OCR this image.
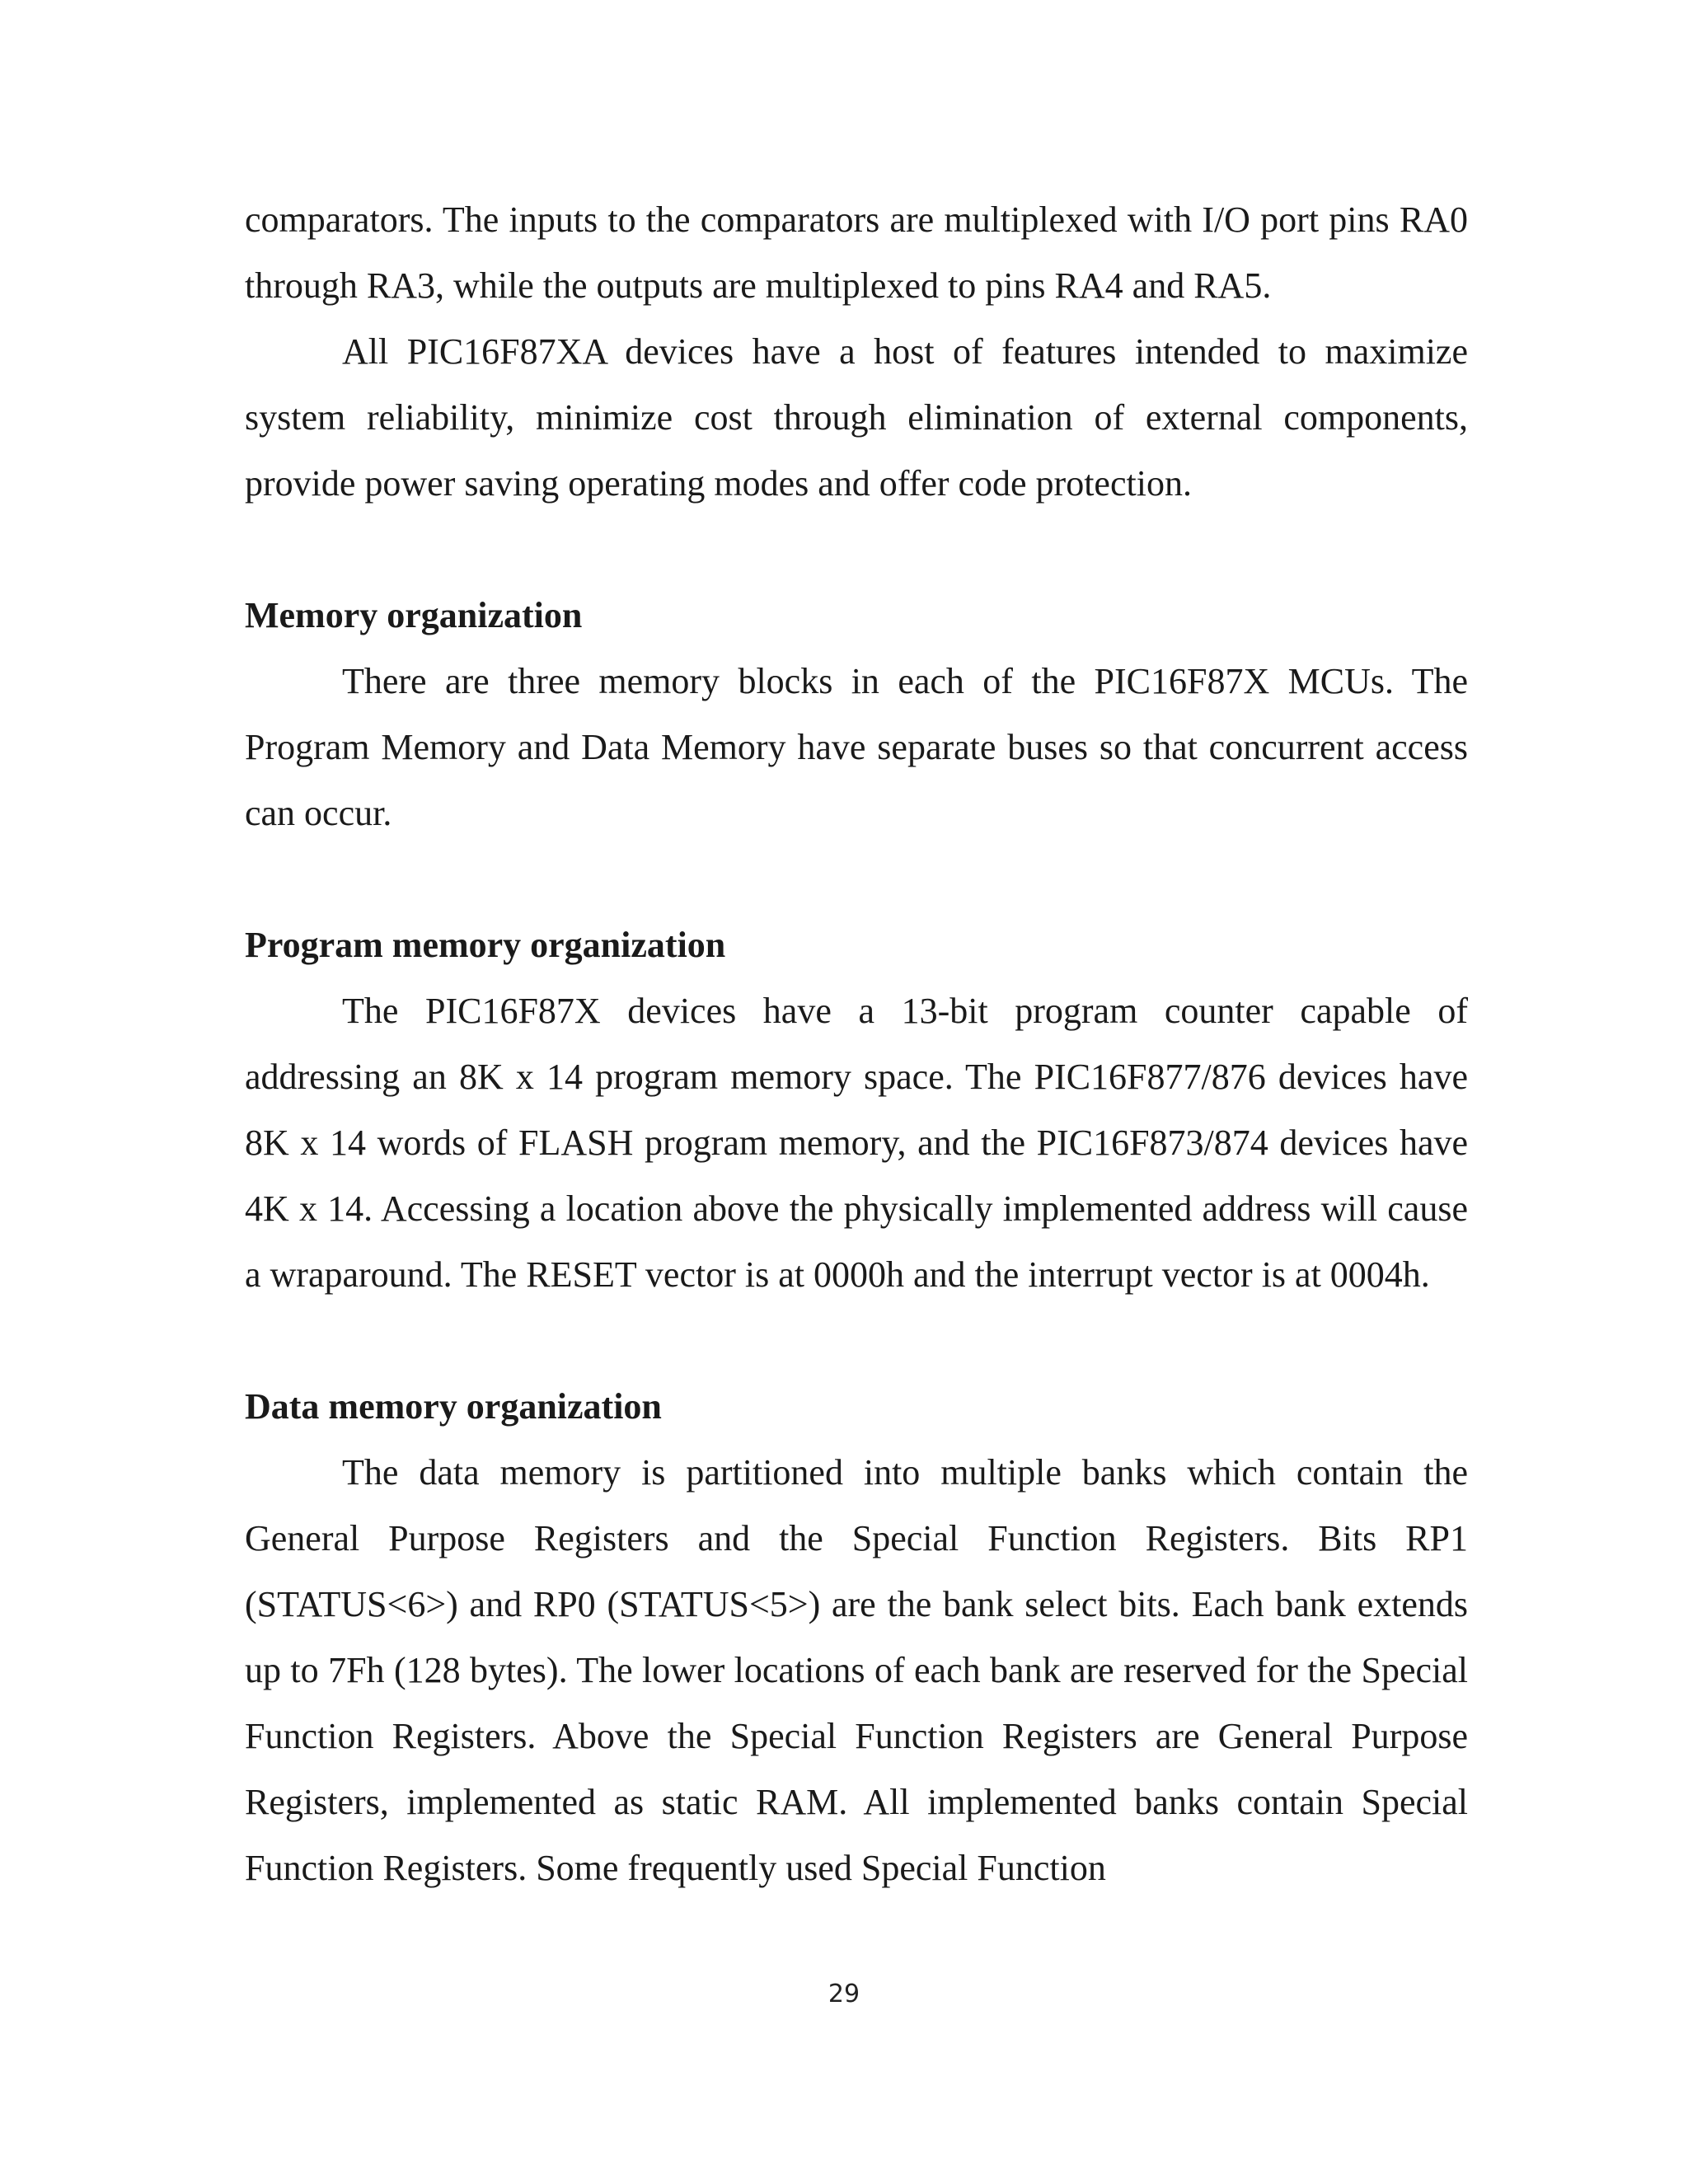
comparators. The inputs to the comparators are multiplexed with I/O port pins RA0 through RA3, while the outputs are multiplexed to pins RA4 and RA5.

All PIC16F87XA devices have a host of features intended to maximize system reliability, minimize cost through elimination of external components, provide power saving operating modes and offer code protection.

Memory organization

There are three memory blocks in each of the PIC16F87X MCUs. The Program Memory and Data Memory have separate buses so that concurrent access can occur.

Program memory organization

The PIC16F87X devices have a 13-bit program counter capable of addressing an 8K x 14 program memory space. The PIC16F877/876 devices have 8K x 14 words of FLASH program memory, and the PIC16F873/874 devices have 4K x 14. Accessing a location above the physically implemented address will cause a wraparound. The RESET vector is at 0000h and the interrupt vector is at 0004h.

Data memory organization

The data memory is partitioned into multiple banks which contain the General Purpose Registers and the Special Function Registers. Bits RP1 (STATUS<6>) and RP0 (STATUS<5>) are the bank select bits. Each bank extends up to 7Fh (128 bytes). The lower locations of each bank are reserved for the Special Function Registers. Above the Special Function Registers are General Purpose Registers, implemented as static RAM. All implemented banks contain Special Function Registers. Some frequently used Special Function

29
